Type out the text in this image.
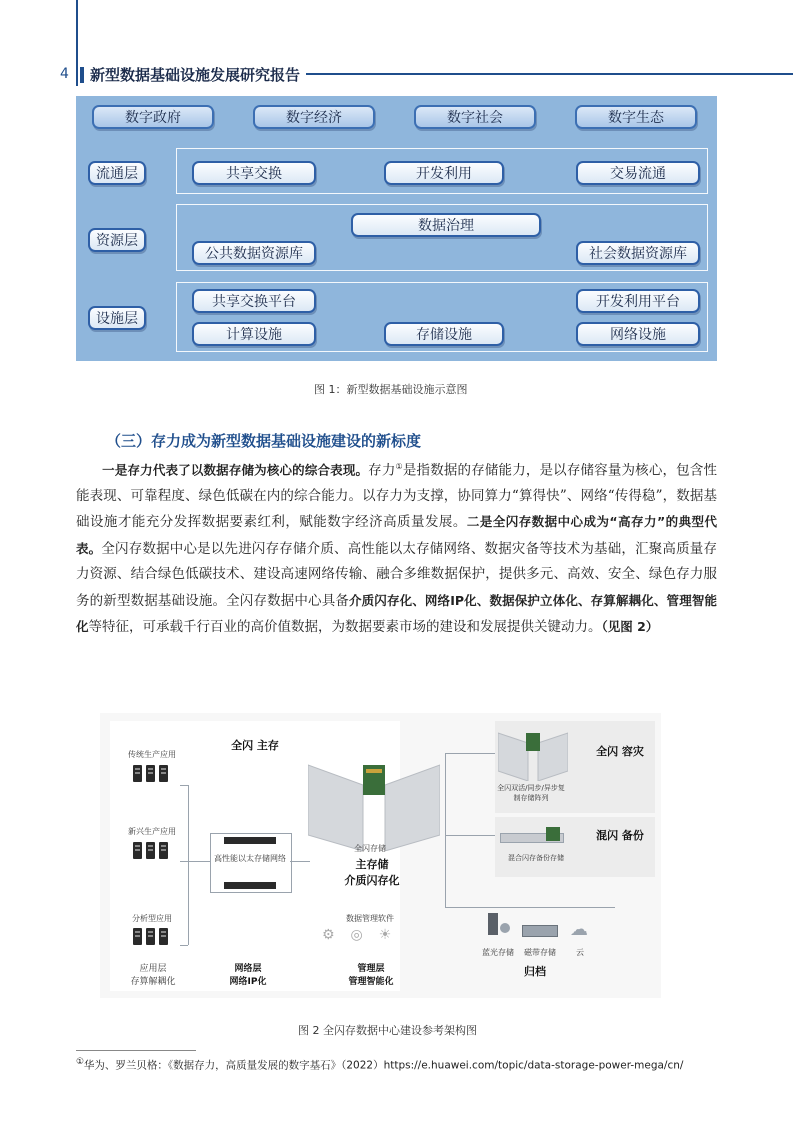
4 新型数据基础设施发展研究报告
数字政府	数字经济	数字社会	数字生态
流通层	共享交换	开发利用	交易流通
资源层
数据治理
公共数据资源库	社会数据资源库
设施层
共享交换平台	开发利用平台
计算设施	存储设施	网络设施
图 1：新型数据基础设施示意图
（三）存力成为新型数据基础设施建设的新标度
一是存力代表了以数据存储为核心的综合表现。存力①是指数据的存储能力，是以存储容量为核心，包含性能表现、可靠程度、绿色低碳在内的综合能力。以存力为支撑，协同算力“算得快”、网络“传得稳”，数据基础设施才能充分发挥数据要素红利，赋能数字经济高质量发展。二是全闪存数据中心成为“高存力”的典型代表。全闪存数据中心是以先进闪存存储介质、高性能以太存储网络、数据灾备等技术为基础，汇聚高质量存力资源、结合绿色低碳技术、建设高速网络传输、融合多维数据保护，提供多元、高效、安全、绿色存力服务的新型数据基础设施。全闪存数据中心具备介质闪存化、网络IP化、数据保护立体化、存算解耦化、管理智能化等特征，可承载千行百业的高价值数据，为数据要素市场的建设和发展提供关键动力。（见图 2）
全闪 主存
传统生产应用
新兴生产应用
分析型应用
高性能以太存储网络
全闪存储
主存储
介质闪存化
数据管理软件
⚙◎☀
应用层
存算解耦化
网络层
网络IP化
管理层
管理智能化
全闪 容灾
全闪双活/同步/异步复制存储阵列
混闪 备份
混合闪存备份存储
☁
蓝光存储	磁带存储	云
归档
图 2 全闪存数据中心建设参考架构图
①华为、罗兰贝格：《数据存力，高质量发展的数字基石》（2022）https://e.huawei.com/topic/data-storage-power-mega/cn/
